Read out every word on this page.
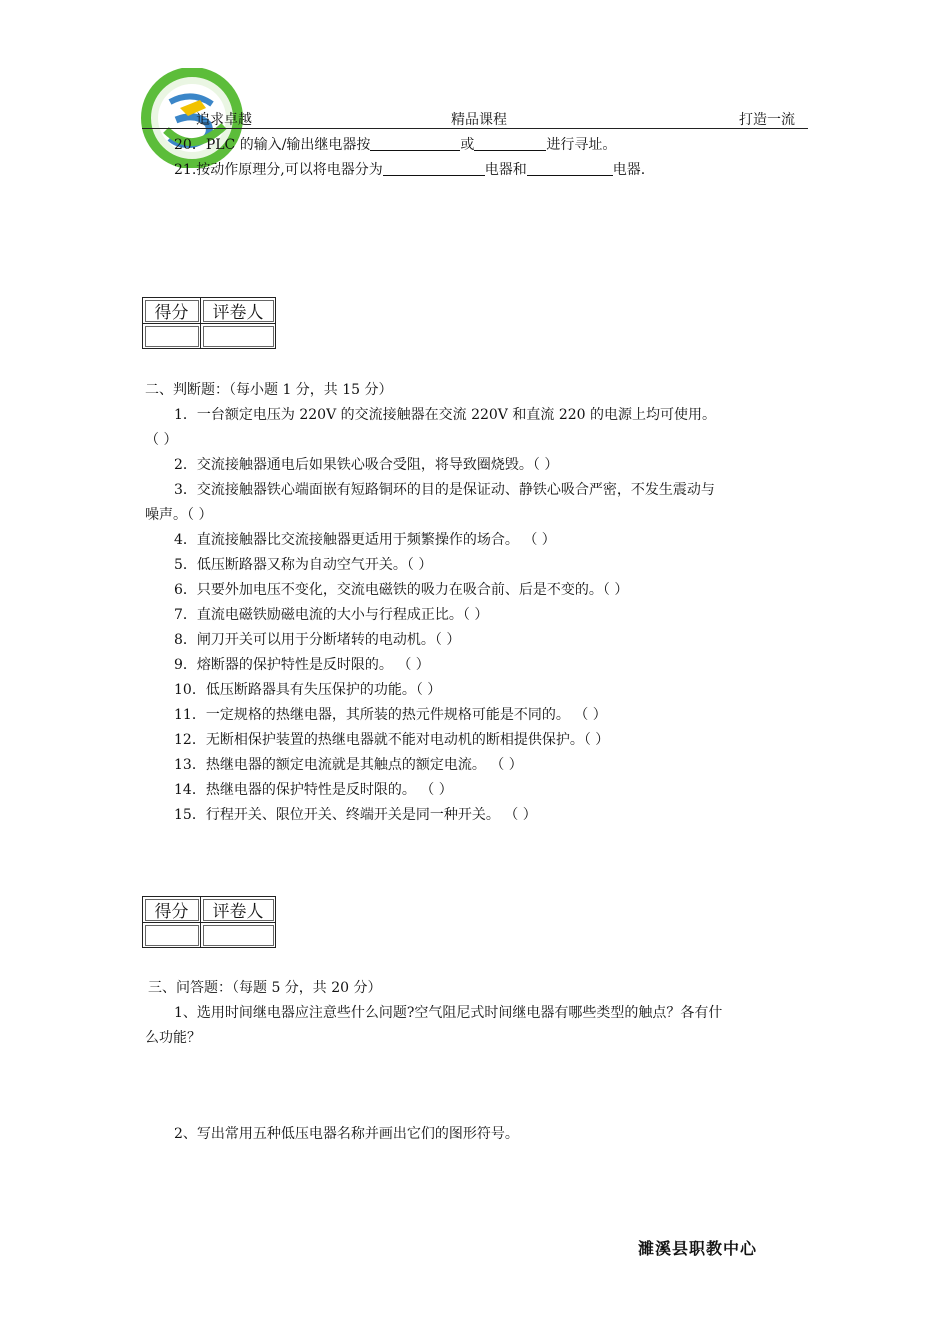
追求卓越	精品课程	打造一流
20．PLC 的输入/输出继电器按	或	进行寻址。
21.按动作原理分,可以将电器分为	电器和	电器.
得分	评卷人

二、判断题：（每小题 1 分，共 15 分）
1．一台额定电压为 220V 的交流接触器在交流 220V 和直流 220 的电源上均可使用。
（ ）
2．交流接触器通电后如果铁心吸合受阻，将导致圈烧毁。（ ）
3．交流接触器铁心端面嵌有短路铜环的目的是保证动、静铁心吸合严密，不发生震动与
噪声。（ ）
4．直流接触器比交流接触器更适用于频繁操作的场合。 （ ）
5．低压断路器又称为自动空气开关。（ ）
6．只要外加电压不变化，交流电磁铁的吸力在吸合前、后是不变的。（ ）
7．直流电磁铁励磁电流的大小与行程成正比。（ ）
8．闸刀开关可以用于分断堵转的电动机。（ ）
9．熔断器的保护特性是反时限的。 （ ）
10．低压断路器具有失压保护的功能。（ ）
11．一定规格的热继电器，其所装的热元件规格可能是不同的。 （ ）
12．无断相保护装置的热继电器就不能对电动机的断相提供保护。（ ）
13．热继电器的额定电流就是其触点的额定电流。 （ ）
14．热继电器的保护特性是反时限的。 （ ）
15．行程开关、限位开关、终端开关是同一种开关。 （ ）
得分	评卷人

三、问答题：（每题 5 分，共 20 分）
1、选用时间继电器应注意些什么问题?空气阻尼式时间继电器有哪些类型的触点？各有什
么功能？
2、写出常用五种低压电器名称并画出它们的图形符号。
濉溪县职教中心
